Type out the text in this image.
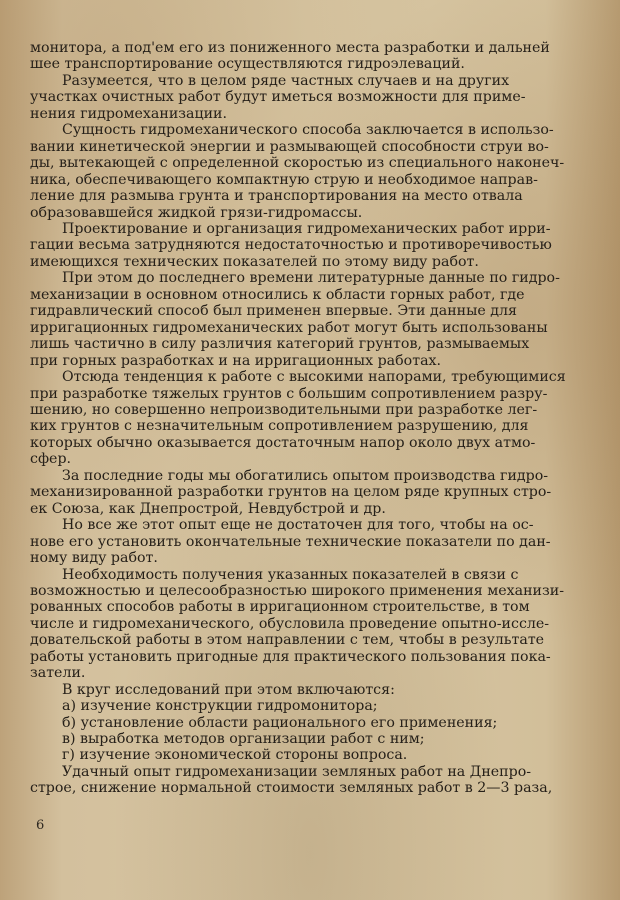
монитора, а под'ем его из пониженного места разработки и дальней
шее транспортирование осуществляются гидроэлеваций.
Разумеется, что в целом ряде частных случаев и на других
участках очистных работ будут иметься возможности для приме-
нения гидромеханизации.
Сущность гидромеханического способа заключается в использо-
вании кинетической энергии и размывающей способности струи во-
ды, вытекающей с определенной скоростью из специального наконеч-
ника, обеспечивающего компактную струю и необходимое направ-
ление для размыва грунта и транспортирования на место отвала
образовавшейся жидкой грязи-гидромассы.
Проектирование и организация гидромеханических работ ирри-
гации весьма затрудняются недостаточностью и противоречивостью
имеющихся технических показателей по этому виду работ.
При этом до последнего времени литературные данные по гидро-
механизации в основном относились к области горных работ, где
гидравлический способ был применен впервые. Эти данные для
ирригационных гидромеханических работ могут быть использованы
лишь частично в силу различия категорий грунтов, размываемых
при горных разработках и на ирригационных работах.
Отсюда тенденция к работе с высокими напорами, требующимися
при разработке тяжелых грунтов с большим сопротивлением разру-
шению, но совершенно непроизводительными при разработке лег-
ких грунтов с незначительным сопротивлением разрушению, для
которых обычно оказывается достаточным напор около двух атмо-
сфер.
За последние годы мы обогатились опытом производства гидро-
механизированной разработки грунтов на целом ряде крупных стро-
ек Союза, как Днепрострой, Невдубстрой и др.
Но все же этот опыт еще не достаточен для того, чтобы на ос-
нове его установить окончательные технические показатели по дан-
ному виду работ.
Необходимость получения указанных показателей в связи с
возможностью и целесообразностью широкого применения механизи-
рованных способов работы в ирригационном строительстве, в том
числе и гидромеханического, обусловила проведение опытно-иссле-
довательской работы в этом направлении с тем, чтобы в результате
работы установить пригодные для практического пользования пока-
затели.
В круг исследований при этом включаются:
а) изучение конструкции гидромонитора;
б) установление области рационального его применения;
в) выработка методов организации работ с ним;
г) изучение экономической стороны вопроса.
Удачный опыт гидромеханизации земляных работ на Днепро-
строе, снижение нормальной стоимости земляных работ в 2—3 раза,
6
